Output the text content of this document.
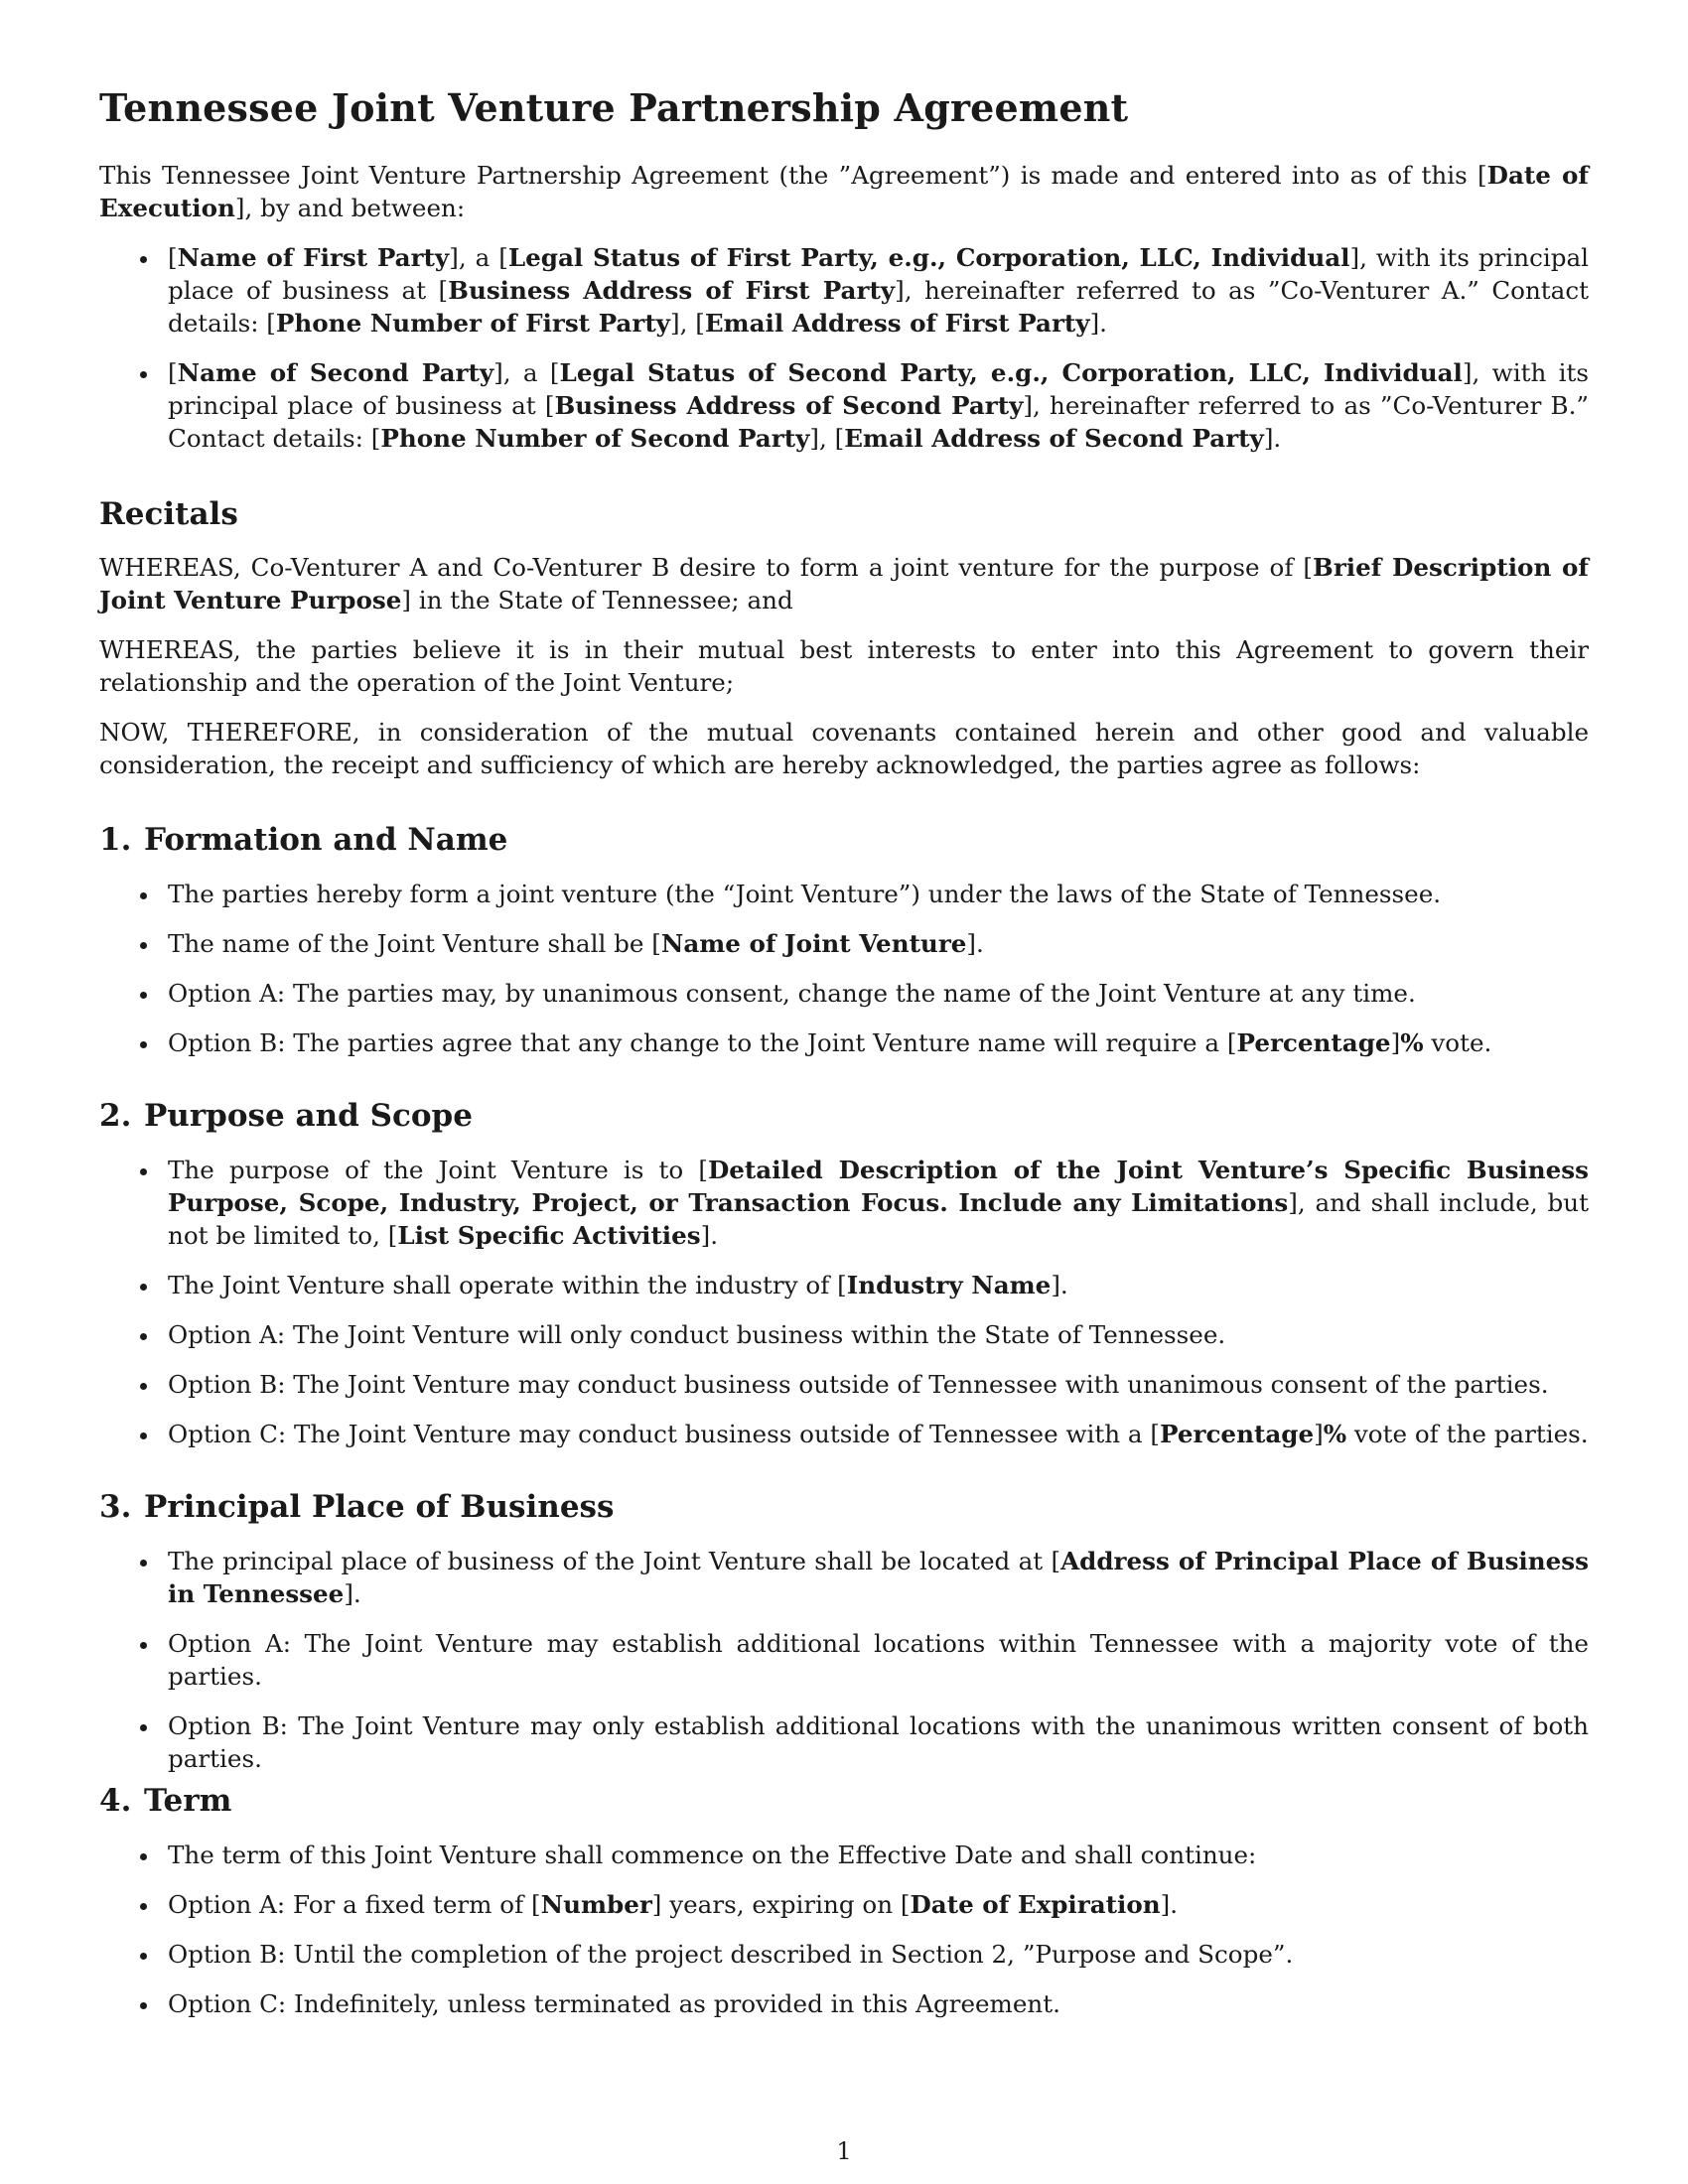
Tennessee Joint Venture Partnership Agreement

This Tennessee Joint Venture Partnership Agreement (the ”Agreement”) is made and entered into as of this [Date of Execution], by and between:

[Name of First Party], a [Legal Status of First Party, e.g., Corporation, LLC, Individual], with its principal place of business at [Business Address of First Party], hereinafter referred to as ”Co-Venturer A.” Contact details: [Phone Number of First Party], [Email Address of First Party].
[Name of Second Party], a [Legal Status of Second Party, e.g., Corporation, LLC, Individual], with its principal place of business at [Business Address of Second Party], hereinafter referred to as ”Co-Venturer B.” Contact details: [Phone Number of Second Party], [Email Address of Second Party].
Recitals

WHEREAS, Co-Venturer A and Co-Venturer B desire to form a joint venture for the purpose of [Brief Description of Joint Venture Purpose] in the State of Tennessee; and

WHEREAS, the parties believe it is in their mutual best interests to enter into this Agreement to govern their relationship and the operation of the Joint Venture;

NOW, THEREFORE, in consideration of the mutual covenants contained herein and other good and valuable consideration, the receipt and sufficiency of which are hereby acknowledged, the parties agree as follows:

1. Formation and Name
The parties hereby form a joint venture (the “Joint Venture”) under the laws of the State of Tennessee.
The name of the Joint Venture shall be [Name of Joint Venture].
Option A: The parties may, by unanimous consent, change the name of the Joint Venture at any time.
Option B: The parties agree that any change to the Joint Venture name will require a [Percentage]% vote.
2. Purpose and Scope
The purpose of the Joint Venture is to [Detailed Description of the Joint Venture’s Specific Business Purpose, Scope, Industry, Project, or Transaction Focus. Include any Limitations], and shall include, but not be limited to, [List Specific Activities].
The Joint Venture shall operate within the industry of [Industry Name].
Option A: The Joint Venture will only conduct business within the State of Tennessee.
Option B: The Joint Venture may conduct business outside of Tennessee with unanimous consent of the parties.
Option C: The Joint Venture may conduct business outside of Tennessee with a [Percentage]% vote of the parties.
3. Principal Place of Business
The principal place of business of the Joint Venture shall be located at [Address of Principal Place of Business in Tennessee].
Option A: The Joint Venture may establish additional locations within Tennessee with a majority vote of the parties.
Option B: The Joint Venture may only establish additional locations with the unanimous written consent of both parties.
4. Term
The term of this Joint Venture shall commence on the Effective Date and shall continue:
Option A: For a fixed term of [Number] years, expiring on [Date of Expiration].
Option B: Until the completion of the project described in Section 2, ”Purpose and Scope”.
Option C: Indefinitely, unless terminated as provided in this Agreement.
1
